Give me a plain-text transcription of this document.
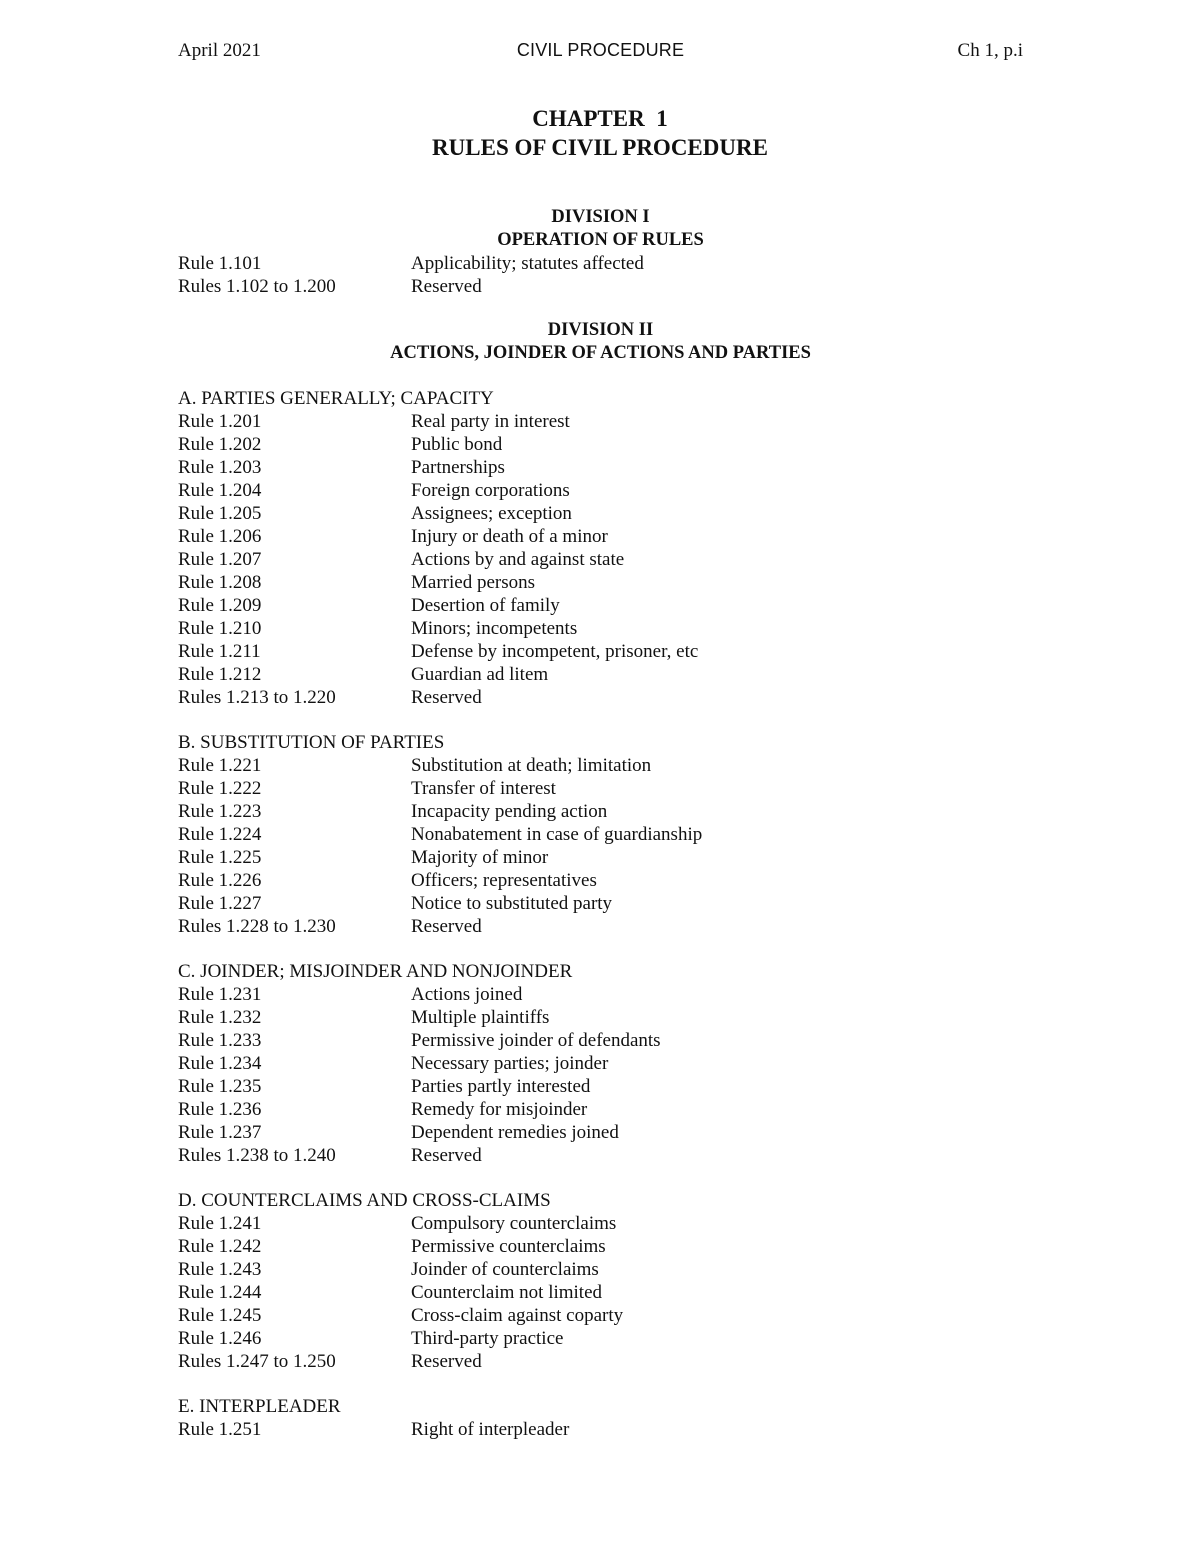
April 2021	CIVIL PROCEDURE	Ch 1, p.i
CHAPTER  1
RULES OF CIVIL PROCEDURE
DIVISION I
OPERATION OF RULES
Rule 1.101	Applicability; statutes affected
Rules 1.102 to 1.200	Reserved
DIVISION II
ACTIONS, JOINDER OF ACTIONS AND PARTIES
A. PARTIES GENERALLY; CAPACITY
Rule 1.201	Real party in interest
Rule 1.202	Public bond
Rule 1.203	Partnerships
Rule 1.204	Foreign corporations
Rule 1.205	Assignees; exception
Rule 1.206	Injury or death of a minor
Rule 1.207	Actions by and against state
Rule 1.208	Married persons
Rule 1.209	Desertion of family
Rule 1.210	Minors; incompetents
Rule 1.211	Defense by incompetent, prisoner, etc
Rule 1.212	Guardian ad litem
Rules 1.213 to 1.220	Reserved
B. SUBSTITUTION OF PARTIES
Rule 1.221	Substitution at death; limitation
Rule 1.222	Transfer of interest
Rule 1.223	Incapacity pending action
Rule 1.224	Nonabatement in case of guardianship
Rule 1.225	Majority of minor
Rule 1.226	Officers; representatives
Rule 1.227	Notice to substituted party
Rules 1.228 to 1.230	Reserved
C. JOINDER; MISJOINDER AND NONJOINDER
Rule 1.231	Actions joined
Rule 1.232	Multiple plaintiffs
Rule 1.233	Permissive joinder of defendants
Rule 1.234	Necessary parties; joinder
Rule 1.235	Parties partly interested
Rule 1.236	Remedy for misjoinder
Rule 1.237	Dependent remedies joined
Rules 1.238 to 1.240	Reserved
D. COUNTERCLAIMS AND CROSS-CLAIMS
Rule 1.241	Compulsory counterclaims
Rule 1.242	Permissive counterclaims
Rule 1.243	Joinder of counterclaims
Rule 1.244	Counterclaim not limited
Rule 1.245	Cross-claim against coparty
Rule 1.246	Third-party practice
Rules 1.247 to 1.250	Reserved
E. INTERPLEADER
Rule 1.251	Right of interpleader
